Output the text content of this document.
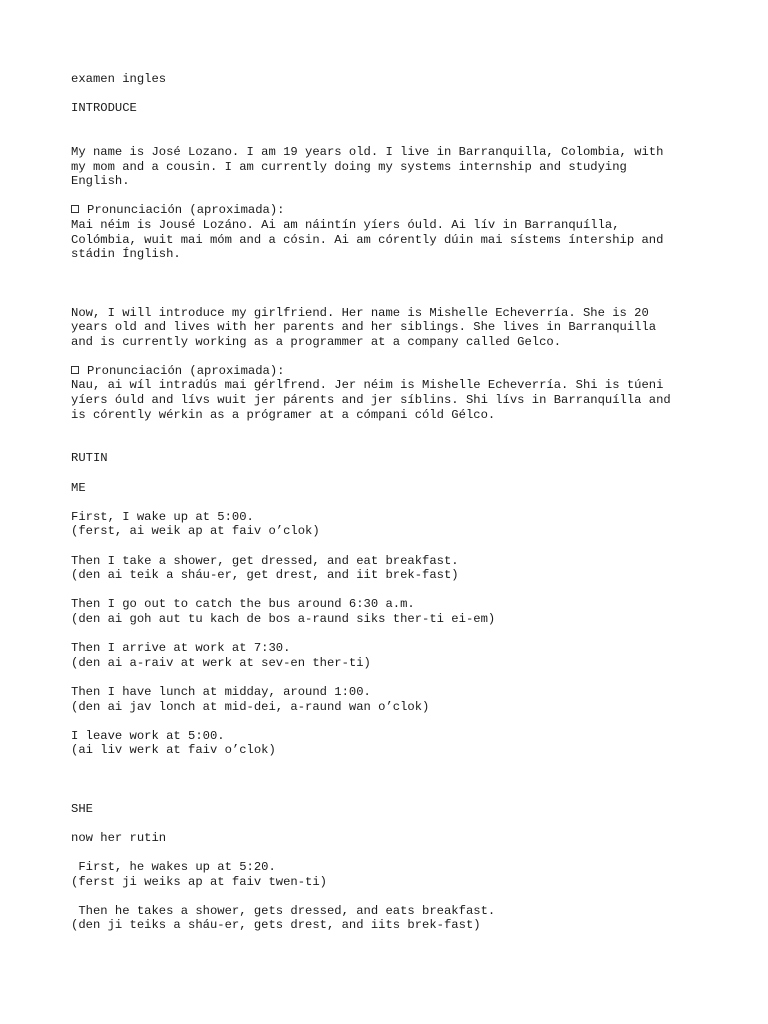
examen ingles

INTRODUCE

My name is José Lozano. I am 19 years old. I live in Barranquilla, Colombia, with

my mom and a cousin. I am currently doing my systems internship and studying

English.

Pronunciación (aproximada):

Mai néim is Jousé Lozáno. Ai am náintín yíers óuld. Ai lív in Barranquílla,

Colómbia, wuit mai móm and a cósin. Ai am córently dúin mai sístems íntership and

stádin Ínglish.

Now, I will introduce my girlfriend. Her name is Mishelle Echeverría. She is 20

years old and lives with her parents and her siblings. She lives in Barranquilla

and is currently working as a programmer at a company called Gelco.

Pronunciación (aproximada):

Nau, ai wíl intradús mai gérlfrend. Jer néim is Mishelle Echeverría. Shi is túeni

yíers óuld and lívs wuit jer párents and jer síblins. Shi lívs in Barranquílla and

is córently wérkin as a prógramer at a cómpani cóld Gélco.

RUTIN

ME

First, I wake up at 5:00.

(ferst, ai weik ap at faiv o’clok)

Then I take a shower, get dressed, and eat breakfast.

(den ai teik a sháu-er, get drest, and iit brek-fast)

Then I go out to catch the bus around 6:30 a.m.

(den ai goh aut tu kach de bos a-raund siks ther-ti ei-em)

Then I arrive at work at 7:30.

(den ai a-raiv at werk at sev-en ther-ti)

Then I have lunch at midday, around 1:00.

(den ai jav lonch at mid-dei, a-raund wan o’clok)

I leave work at 5:00.

(ai liv werk at faiv o’clok)

SHE

now her rutin

First, he wakes up at 5:20.

(ferst ji weiks ap at faiv twen-ti)

Then he takes a shower, gets dressed, and eats breakfast.

(den ji teiks a sháu-er, gets drest, and iits brek-fast)
